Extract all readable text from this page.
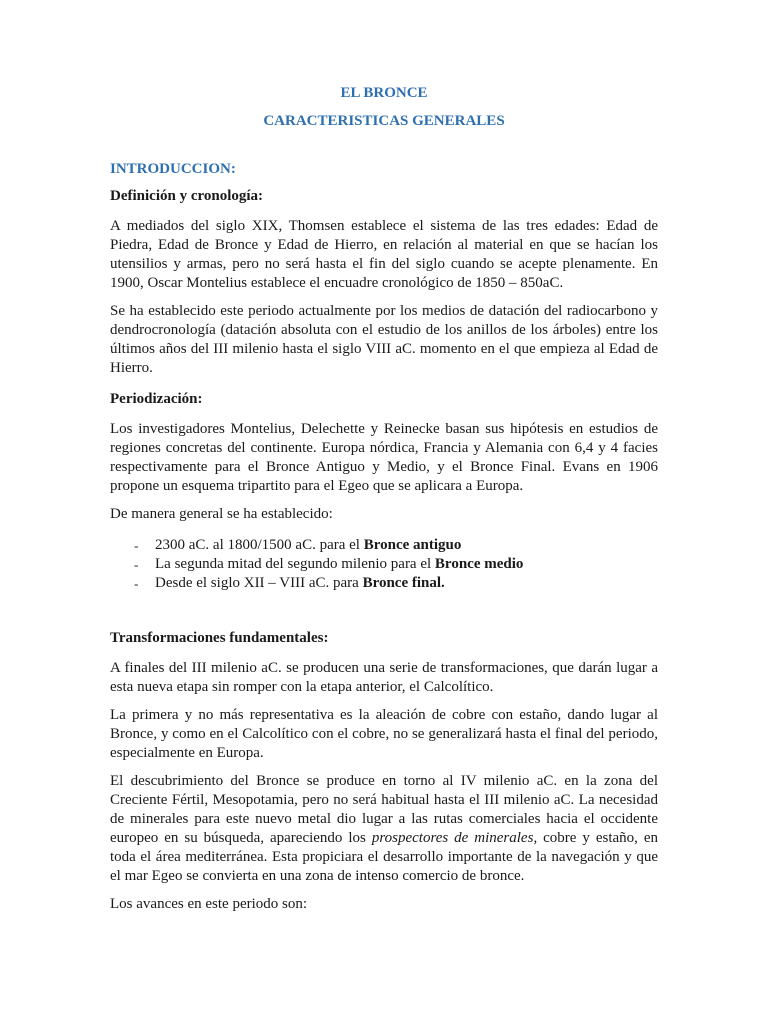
EL BRONCE

CARACTERISTICAS GENERALES

INTRODUCCION:

Definición y cronología:

A mediados del siglo XIX, Thomsen establece el sistema de las tres edades: Edad de Piedra, Edad de Bronce y Edad de Hierro, en relación al material en que se hacían los utensilios y armas, pero no será hasta el fin del siglo cuando se acepte plenamente. En 1900, Oscar Montelius establece el encuadre cronológico de 1850 – 850aC.

Se ha establecido este periodo actualmente por los medios de datación del radiocarbono y dendrocronología (datación absoluta con el estudio de los anillos de los árboles) entre los últimos años del III milenio hasta el siglo VIII aC. momento en el que empieza al Edad de Hierro.

Periodización:

Los investigadores Montelius, Delechette y Reinecke basan sus hipótesis en estudios de regiones concretas del continente. Europa nórdica, Francia y Alemania con 6,4 y 4 facies respectivamente para el Bronce Antiguo y Medio, y el Bronce Final. Evans en 1906 propone un esquema tripartito para el Egeo que se aplicara a Europa.

De manera general se ha establecido:

- 2300 aC. al 1800/1500 aC. para el Bronce antiguo
- La segunda mitad del segundo milenio para el Bronce medio
- Desde el siglo XII – VIII aC. para Bronce final.

Transformaciones fundamentales:

A finales del III milenio aC. se producen una serie de transformaciones, que darán lugar a esta nueva etapa sin romper con la etapa anterior, el Calcolítico.

La primera y no más representativa es la aleación de cobre con estaño, dando lugar al Bronce, y como en el Calcolítico con el cobre, no se generalizará hasta el final del periodo, especialmente en Europa.

El descubrimiento del Bronce se produce en torno al IV milenio aC. en la zona del Creciente Fértil, Mesopotamia, pero no será habitual hasta el III milenio aC. La necesidad de minerales para este nuevo metal dio lugar a las rutas comerciales hacia el occidente europeo en su búsqueda, apareciendo los prospectores de minerales, cobre y estaño, en toda el área mediterránea. Esta propiciara el desarrollo importante de la navegación y que el mar Egeo se convierta en una zona de intenso comercio de bronce.

Los avances en este periodo son:
